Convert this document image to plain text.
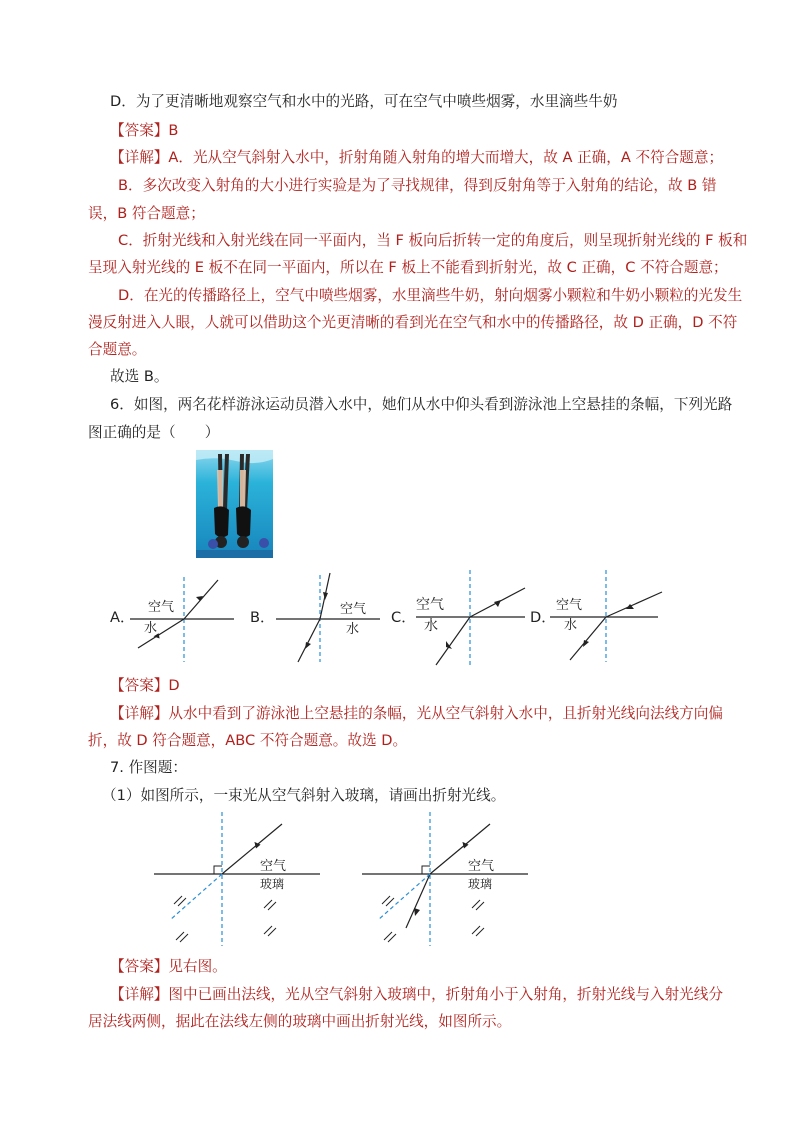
D．为了更清晰地观察空气和水中的光路，可在空气中喷些烟雾，水里滴些牛奶
【答案】B
【详解】A．光从空气斜射入水中，折射角随入射角的增大而增大，故 A 正确，A 不符合题意；
B．多次改变入射角的大小进行实验是为了寻找规律，得到反射角等于入射角的结论，故 B 错
误，B 符合题意；
C．折射光线和入射光线在同一平面内，当 F 板向后折转一定的角度后，则呈现折射光线的 F 板和
呈现入射光线的 E 板不在同一平面内，所以在 F 板上不能看到折射光，故 C 正确，C 不符合题意；
D．在光的传播路径上，空气中喷些烟雾，水里滴些牛奶，射向烟雾小颗粒和牛奶小颗粒的光发生
漫反射进入人眼，人就可以借助这个光更清晰的看到光在空气和水中的传播路径，故 D 正确，D 不符
合题意。
故选 B。
6．如图，两名花样游泳运动员潜入水中，她们从水中仰头看到游泳池上空悬挂的条幅，下列光路
图正确的是（　　）
A．
空气
水
B．	空气
水
C．
空气
水	D．
空气
水
【答案】D
【详解】从水中看到了游泳池上空悬挂的条幅，光从空气斜射入水中，且折射光线向法线方向偏
折，故 D 符合题意，ABC 不符合题意。故选 D。
7. 作图题：
（1）如图所示，一束光从空气斜射入玻璃，请画出折射光线。
空气
玻璃
空气
玻璃
【答案】见右图。
【详解】图中已画出法线，光从空气斜射入玻璃中，折射角小于入射角，折射光线与入射光线分
居法线两侧，据此在法线左侧的玻璃中画出折射光线，如图所示。
